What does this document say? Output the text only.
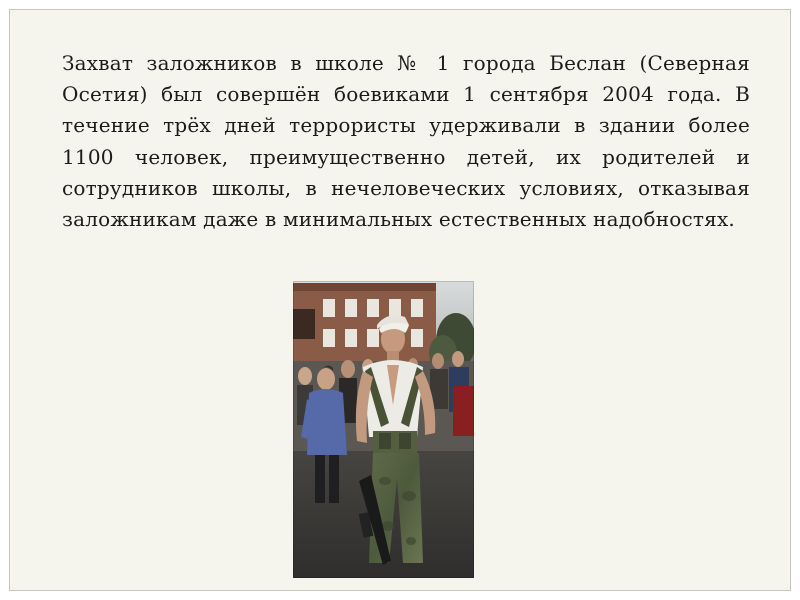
Захват заложников в школе № 1 города Беслан (Северная Осетия) был совершён боевиками 1 сентября 2004 года. В течение трёх дней террористы удерживали в здании более 1100 человек, преимущественно детей, их родителей и сотрудников школы, в нечеловеческих условиях, отказывая заложникам даже в минимальных естественных надобностях.
